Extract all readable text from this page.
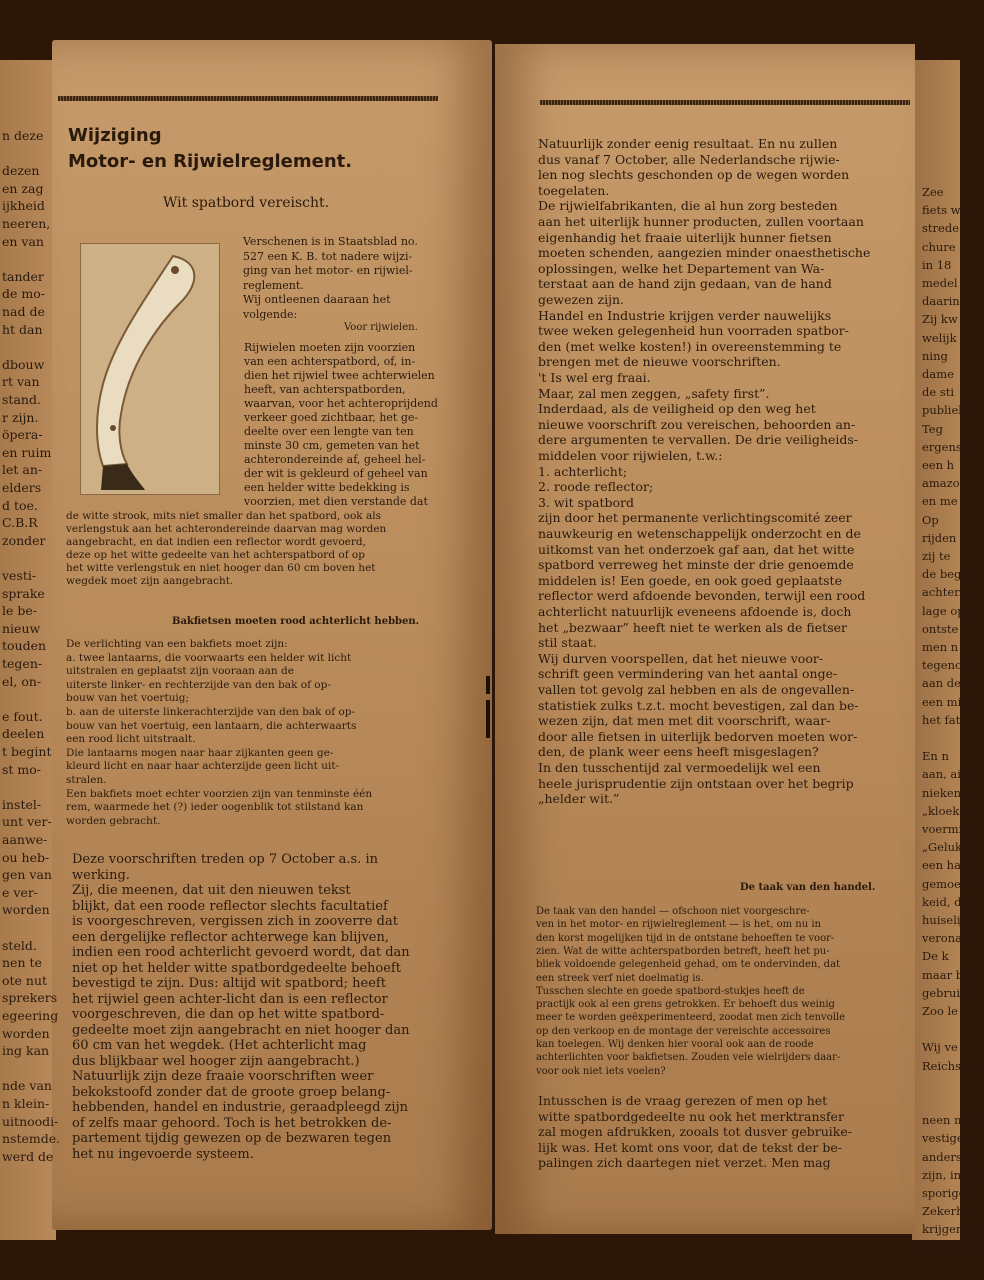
Wijziging

Motor- en Rijwielreglement.

Wit spatbord vereischt.

Verschenen is in Staatsblad no.

527 een K. B. tot nadere wijzi-

ging van het motor- en rijwiel-

reglement.

Wij ontleenen daaraan het

volgende:

Voor rijwielen.

Rijwielen moeten zijn voorzien

van een achterspatbord, of, in-

dien het rijwiel twee achterwielen

heeft, van achterspatborden,

waarvan, voor het achteroprijdend

verkeer goed zichtbaar, het ge-

deelte over een lengte van ten

minste 30 cm, gemeten van het

achterondereinde af, geheel hel-

der wit is gekleurd of geheel van

een helder witte bedekking is

voorzien, met dien verstande dat

de witte strook, mits niet smaller dan het spatbord, ook als

verlengstuk aan het achterondereinde daarvan mag worden

aangebracht, en dat indien een reflector wordt gevoerd,

deze op het witte gedeelte van het achterspatbord of op

het witte verlengstuk en niet hooger dan 60 cm boven het

wegdek moet zijn aangebracht.

Bakfietsen moeten rood achterlicht hebben.

De verlichting van een bakfiets moet zijn:

a. twee lantaarns, die voorwaarts een helder wit licht

uitstralen en geplaatst zijn vooraan aan de

uiterste linker- en rechterzijde van den bak of op-

bouw van het voertuig;

b. aan de uiterste linkerachterzijde van den bak of op-

bouw van het voertuig, een lantaarn, die achterwaarts

een rood licht uitstraalt.

Die lantaarns mogen naar haar zijkanten geen ge-

kleurd licht en naar haar achterzijde geen licht uit-

stralen.

Een bakfiets moet echter voorzien zijn van tenminste één

rem, waarmede het (?) ieder oogenblik tot stilstand kan

worden gebracht.

Deze voorschriften treden op 7 October a.s. in

werking.

Zij, die meenen, dat uit den nieuwen tekst

blijkt, dat een roode reflector slechts facultatief

is voorgeschreven, vergissen zich in zooverre dat

een dergelijke reflector achterwege kan blijven,

indien een rood achterlicht gevoerd wordt, dat dan

niet op het helder witte spatbordgedeelte behoeft

bevestigd te zijn. Dus: altijd wit spatbord; heeft

het rijwiel geen achter-licht dan is een reflector

voorgeschreven, die dan op het witte spatbord-

gedeelte moet zijn aangebracht en niet hooger dan

60 cm van het wegdek. (Het achterlicht mag

dus blijkbaar wel hooger zijn aangebracht.)

Natuurlijk zijn deze fraaie voorschriften weer

bekokstoofd zonder dat de groote groep belang-

hebbenden, handel en industrie, geraadpleegd zijn

of zelfs maar gehoord. Toch is het betrokken de-

partement tijdig gewezen op de bezwaren tegen

het nu ingevoerde systeem.

Natuurlijk zonder eenig resultaat. En nu zullen

dus vanaf 7 October, alle Nederlandsche rijwie-

len nog slechts geschonden op de wegen worden

toegelaten.

De rijwielfabrikanten, die al hun zorg besteden

aan het uiterlijk hunner producten, zullen voortaan

eigenhandig het fraaie uiterlijk hunner fietsen

moeten schenden, aangezien minder onaesthetische

oplossingen, welke het Departement van Wa-

terstaat aan de hand zijn gedaan, van de hand

gewezen zijn.

Handel en Industrie krijgen verder nauwelijks

twee weken gelegenheid hun voorraden spatbor-

den (met welke kosten!) in overeenstemming te

brengen met de nieuwe voorschriften.

't Is wel erg fraai.

Maar, zal men zeggen, „safety first”.

Inderdaad, als de veiligheid op den weg het

nieuwe voorschrift zou vereischen, behoorden an-

dere argumenten te vervallen. De drie veiligheids-

middelen voor rijwielen, t.w.:

1. achterlicht;

2. roode reflector;

3. wit spatbord

zijn door het permanente verlichtingscomité zeer

nauwkeurig en wetenschappelijk onderzocht en de

uitkomst van het onderzoek gaf aan, dat het witte

spatbord verreweg het minste der drie genoemde

middelen is! Een goede, en ook goed geplaatste

reflector werd afdoende bevonden, terwijl een rood

achterlicht natuurlijk eveneens afdoende is, doch

het „bezwaar” heeft niet te werken als de fietser

stil staat.

Wij durven voorspellen, dat het nieuwe voor-

schrift geen vermindering van het aantal onge-

vallen tot gevolg zal hebben en als de ongevallen-

statistiek zulks t.z.t. mocht bevestigen, zal dan be-

wezen zijn, dat men met dit voorschrift, waar-

door alle fietsen in uiterlijk bedorven moeten wor-

den, de plank weer eens heeft misgeslagen?

In den tusschentijd zal vermoedelijk wel een

heele jurisprudentie zijn ontstaan over het begrip

„helder wit.”

De taak van den handel.

De taak van den handel — ofschoon niet voorgeschre-

ven in het motor- en rijwielreglement — is het, om nu in

den korst mogelijken tijd in de ontstane behoeften te voor-

zien. Wat de witte achterspatborden betreft, heeft het pu-

bliek voldoende gelegenheid gehad, om te ondervinden, dat

een streek verf niet doelmatig is.

Tusschen slechte en goede spatbord-stukjes heeft de

practijk ook al een grens getrokken. Er behoeft dus weinig

meer te worden geëxperimenteerd, zoodat men zich tenvolle

op den verkoop en de montage der vereischte accessoires

kan toelegen. Wij denken hier vooral ook aan de roode

achterlichten voor bakfietsen. Zouden vele wielrijders daar-

voor ook niet iets voelen?

Intusschen is de vraag gerezen of men op het

witte spatbordgedeelte nu ook het merktransfer

zal mogen afdrukken, zooals tot dusver gebruike-

lijk was. Het komt ons voor, dat de tekst der be-

palingen zich daartegen niet verzet. Men mag

n deze

dezen

en zag

ijkheid

neeren,

en van

tander

de mo-

nad de

ht dan

dbouw

rt van

stand.

r zijn.

öpera-

en ruim

let an-

elders

d toe.

C.B.R

zonder

vesti-

sprake

le be-

nieuw

touden

tegen-

el, on-

e fout.

deelen

t begint

st mo-

instel-

unt ver-

aanwe-

ou heb-

gen van

e ver-

worden

steld.

nen te

ote nut

sprekers

egeering

worden

ing kan

nde van

n klein-

uitnoodi-

nstemde.

werd de

Zee

fiets w

strede

chure

in 18

medel

daarin

Zij kw

welijk

ning

dame

de sti

publiek

Teg

ergens

een h

amazo

en me

Op

rijden

zij te

de beg

achter.

lage op

ontste

men n

tegenov

aan de

een mi

het fat

En n

aan, ais

nieken

„kloeke

voermid

„Gelukk

een haa

gemoedel

keid, da

huiselijk

veronach

De k

maar be

gebruik

Zoo le

Wij ve

Reichsme

neen moe

vestigen,

anders, i

zijn, indie

sporigen

Zekerhe

krijgen en

vernemen,
